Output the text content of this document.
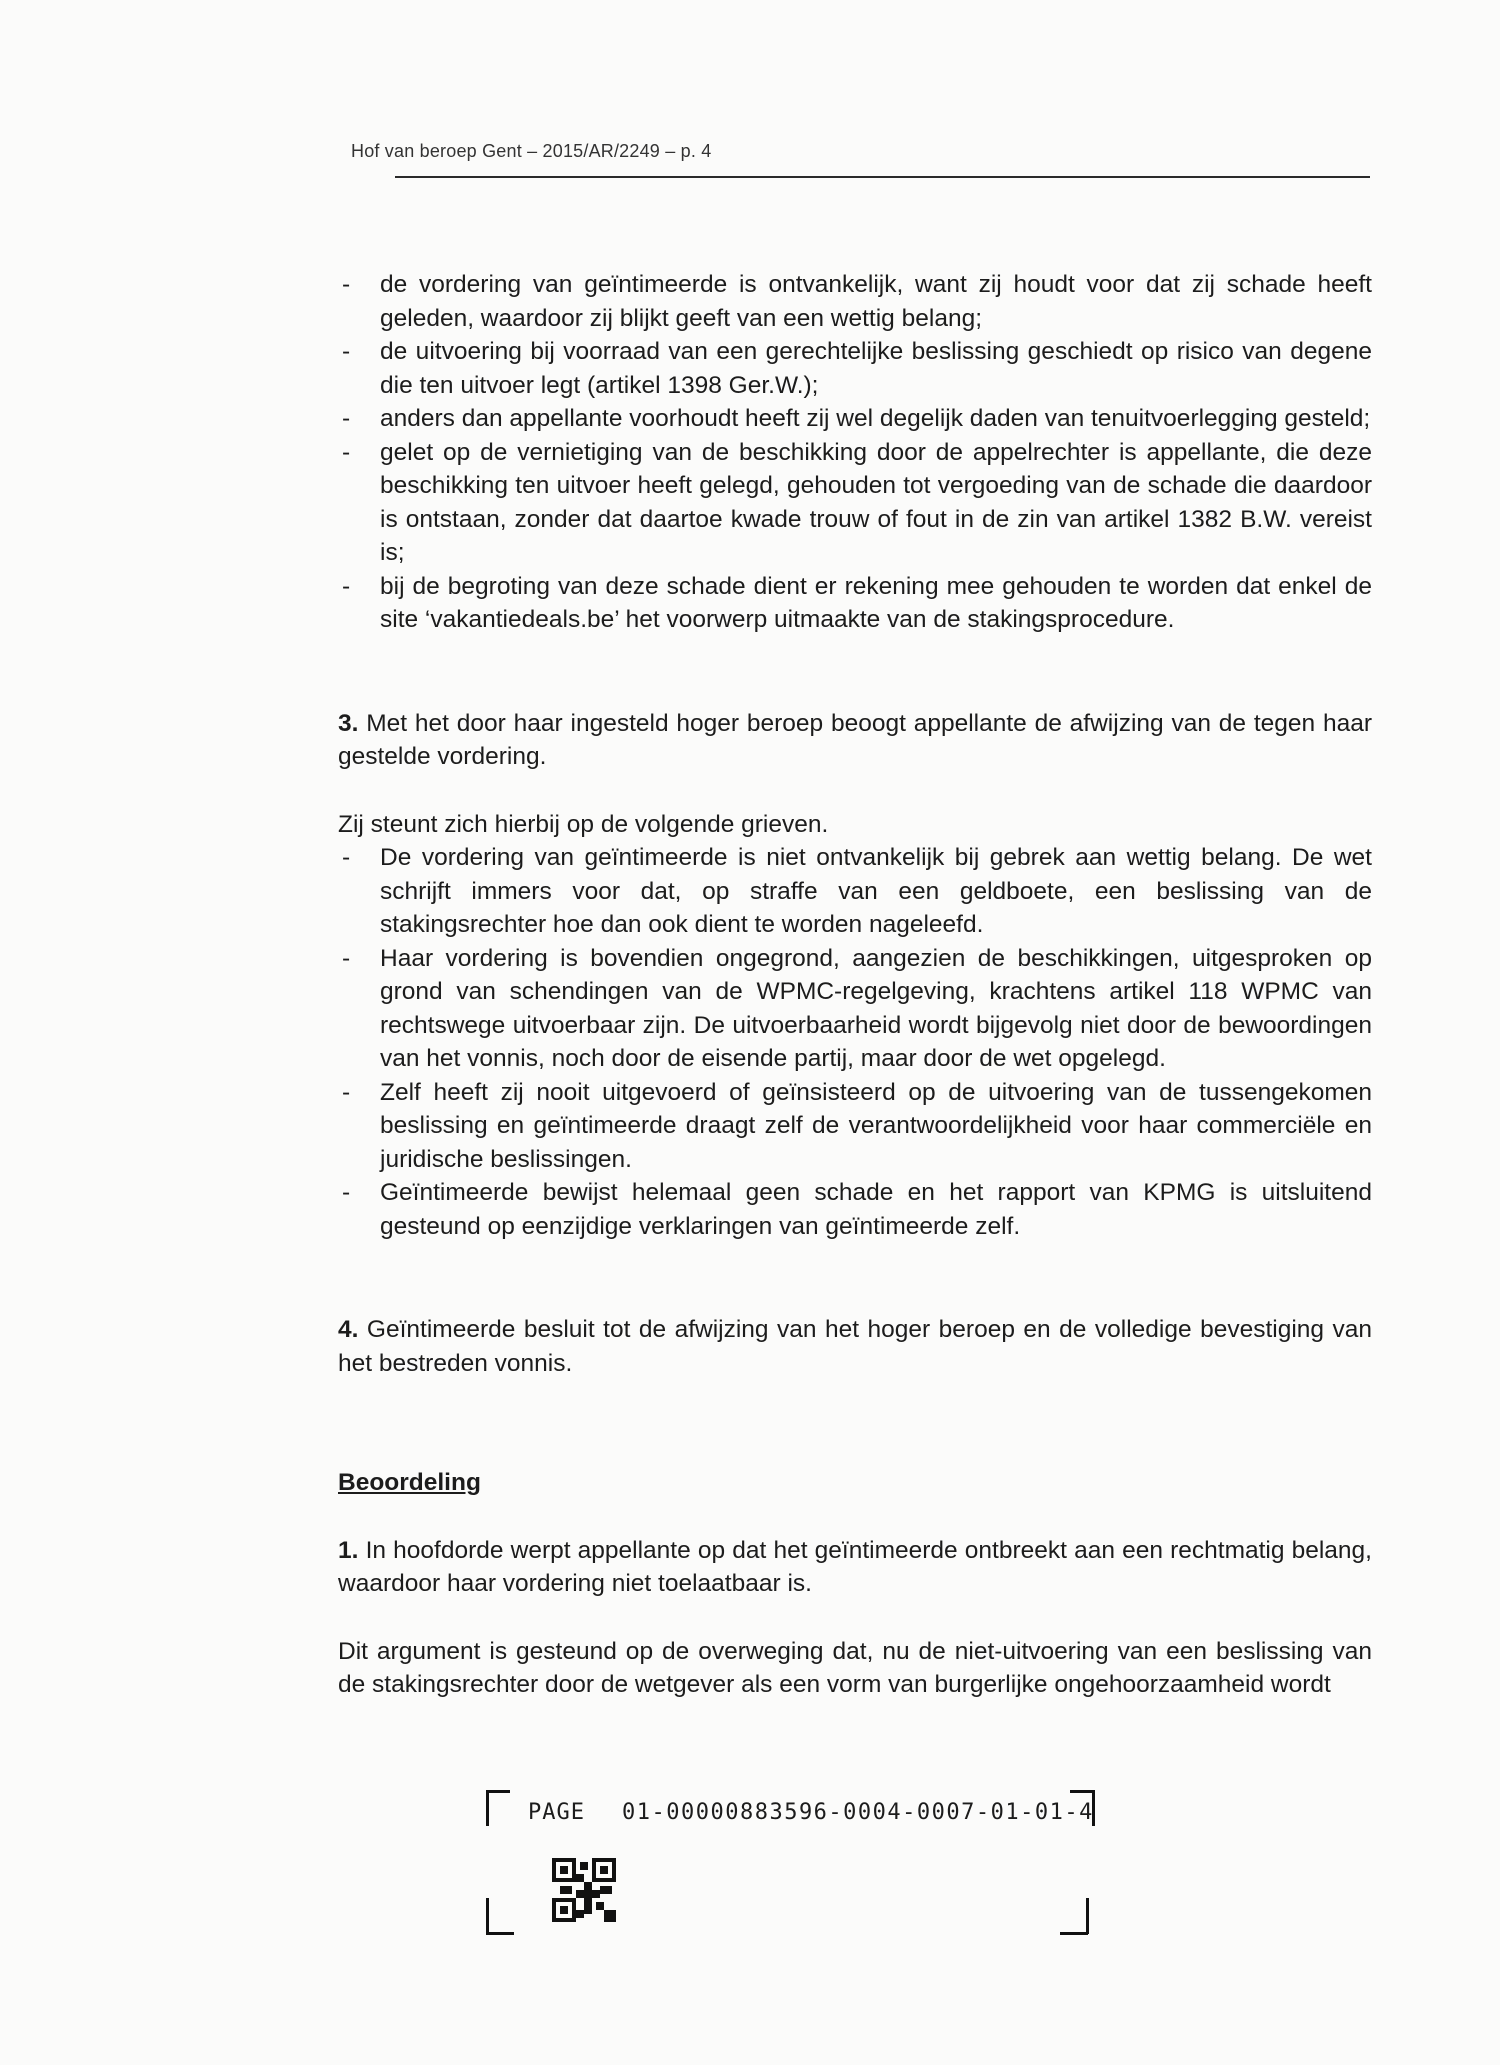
Hof van beroep Gent – 2015/AR/2249 – p. 4
- de vordering van geïntimeerde is ontvankelijk, want zij houdt voor dat zij schade heeft geleden, waardoor zij blijkt geeft van een wettig belang;
- de uitvoering bij voorraad van een gerechtelijke beslissing geschiedt op risico van degene die ten uitvoer legt (artikel 1398 Ger.W.);
- anders dan appellante voorhoudt heeft zij wel degelijk daden van tenuitvoerlegging gesteld;
- gelet op de vernietiging van de beschikking door de appelrechter is appellante, die deze beschikking ten uitvoer heeft gelegd, gehouden tot vergoeding van de schade die daardoor is ontstaan, zonder dat daartoe kwade trouw of fout in de zin van artikel 1382 B.W. vereist is;
- bij de begroting van deze schade dient er rekening mee gehouden te worden dat enkel de site ‘vakantiedeals.be’ het voorwerp uitmaakte van de stakingsprocedure.

3. Met het door haar ingesteld hoger beroep beoogt appellante de afwijzing van de tegen haar gestelde vordering.

Zij steunt zich hierbij op de volgende grieven.

- De vordering van geïntimeerde is niet ontvankelijk bij gebrek aan wettig belang. De wet schrijft immers voor dat, op straffe van een geldboete, een beslissing van de stakingsrechter hoe dan ook dient te worden nageleefd.
- Haar vordering is bovendien ongegrond, aangezien de beschikkingen, uitgesproken op grond van schendingen van de WPMC-regelgeving, krachtens artikel 118 WPMC van rechtswege uitvoerbaar zijn. De uitvoerbaarheid wordt bijgevolg niet door de bewoordingen van het vonnis, noch door de eisende partij, maar door de wet opgelegd.
- Zelf heeft zij nooit uitgevoerd of geïnsisteerd op de uitvoering van de tussengekomen beslissing en geïntimeerde draagt zelf de verantwoordelijkheid voor haar commerciële en juridische beslissingen.
- Geïntimeerde bewijst helemaal geen schade en het rapport van KPMG is uitsluitend gesteund op eenzijdige verklaringen van geïntimeerde zelf.

4. Geïntimeerde besluit tot de afwijzing van het hoger beroep en de volledige bevestiging van het bestreden vonnis.

Beoordeling

1. In hoofdorde werpt appellante op dat het geïntimeerde ontbreekt aan een rechtmatig belang, waardoor haar vordering niet toelaatbaar is.

Dit argument is gesteund op de overweging dat, nu de niet-uitvoering van een beslissing van de stakingsrechter door de wetgever als een vorm van burgerlijke ongehoorzaamheid wordt

PAGE 01-00000883596-0004-0007-01-01-4
